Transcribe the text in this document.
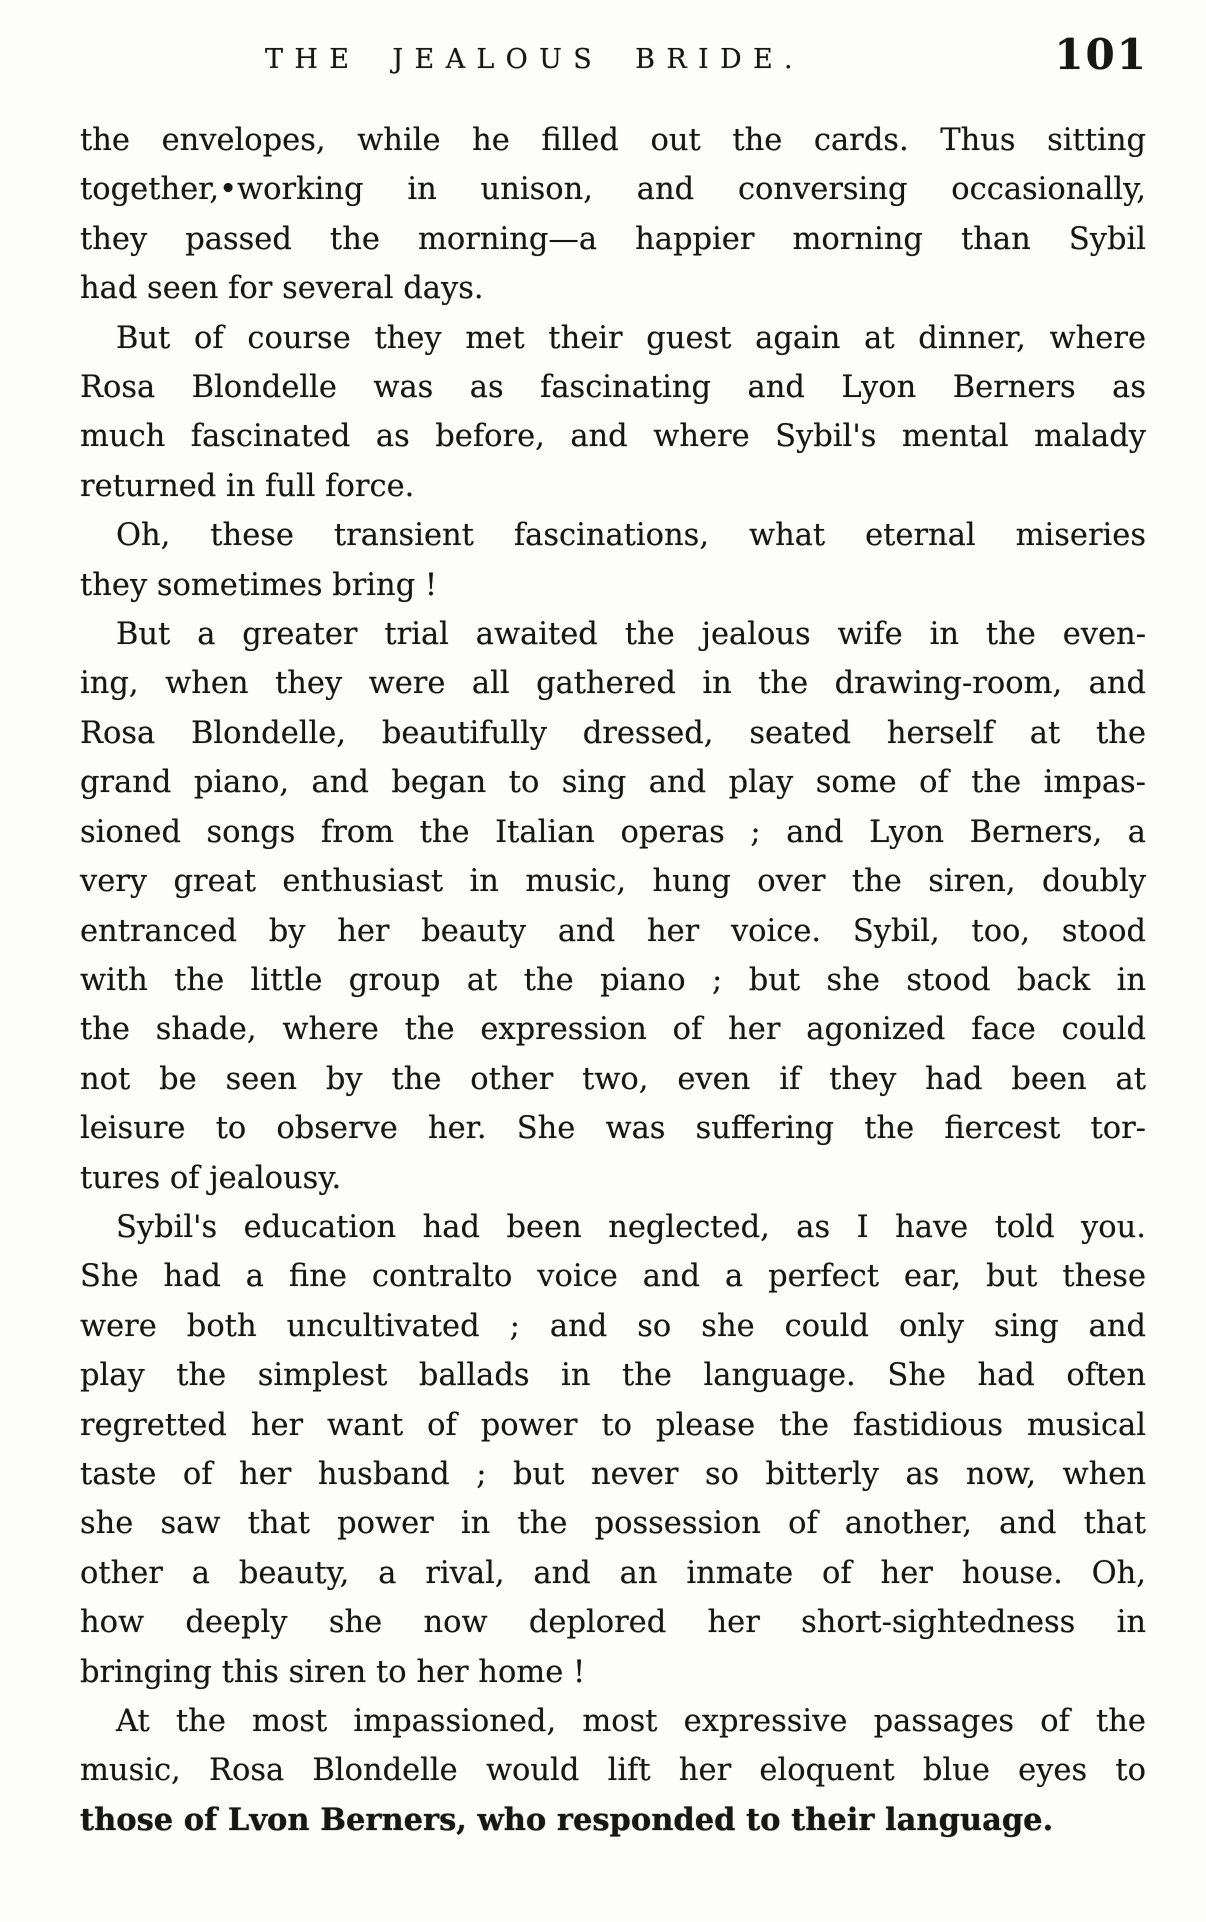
THE JEALOUS BRIDE.	101
the envelopes, while he filled out the cards. Thus sitting
together,•working in unison, and conversing occasionally,
they passed the morning—a happier morning than Sybil
had seen for several days.
But of course they met their guest again at dinner, where
Rosa Blondelle was as fascinating and Lyon Berners as
much fascinated as before, and where Sybil's mental malady
returned in full force.
Oh, these transient fascinations, what eternal miseries
they sometimes bring !
But a greater trial awaited the jealous wife in the even-
ing, when they were all gathered in the drawing-room, and
Rosa Blondelle, beautifully dressed, seated herself at the
grand piano, and began to sing and play some of the impas-
sioned songs from the Italian operas ; and Lyon Berners, a
very great enthusiast in music, hung over the siren, doubly
entranced by her beauty and her voice. Sybil, too, stood
with the little group at the piano ; but she stood back in
the shade, where the expression of her agonized face could
not be seen by the other two, even if they had been at
leisure to observe her. She was suffering the fiercest tor-
tures of jealousy.
Sybil's education had been neglected, as I have told you.
She had a fine contralto voice and a perfect ear, but these
were both uncultivated ; and so she could only sing and
play the simplest ballads in the language. She had often
regretted her want of power to please the fastidious musical
taste of her husband ; but never so bitterly as now, when
she saw that power in the possession of another, and that
other a beauty, a rival, and an inmate of her house. Oh,
how deeply she now deplored her short-sightedness in
bringing this siren to her home !
At the most impassioned, most expressive passages of the
music, Rosa Blondelle would lift her eloquent blue eyes to
those of Lvon Berners, who responded to their language.
